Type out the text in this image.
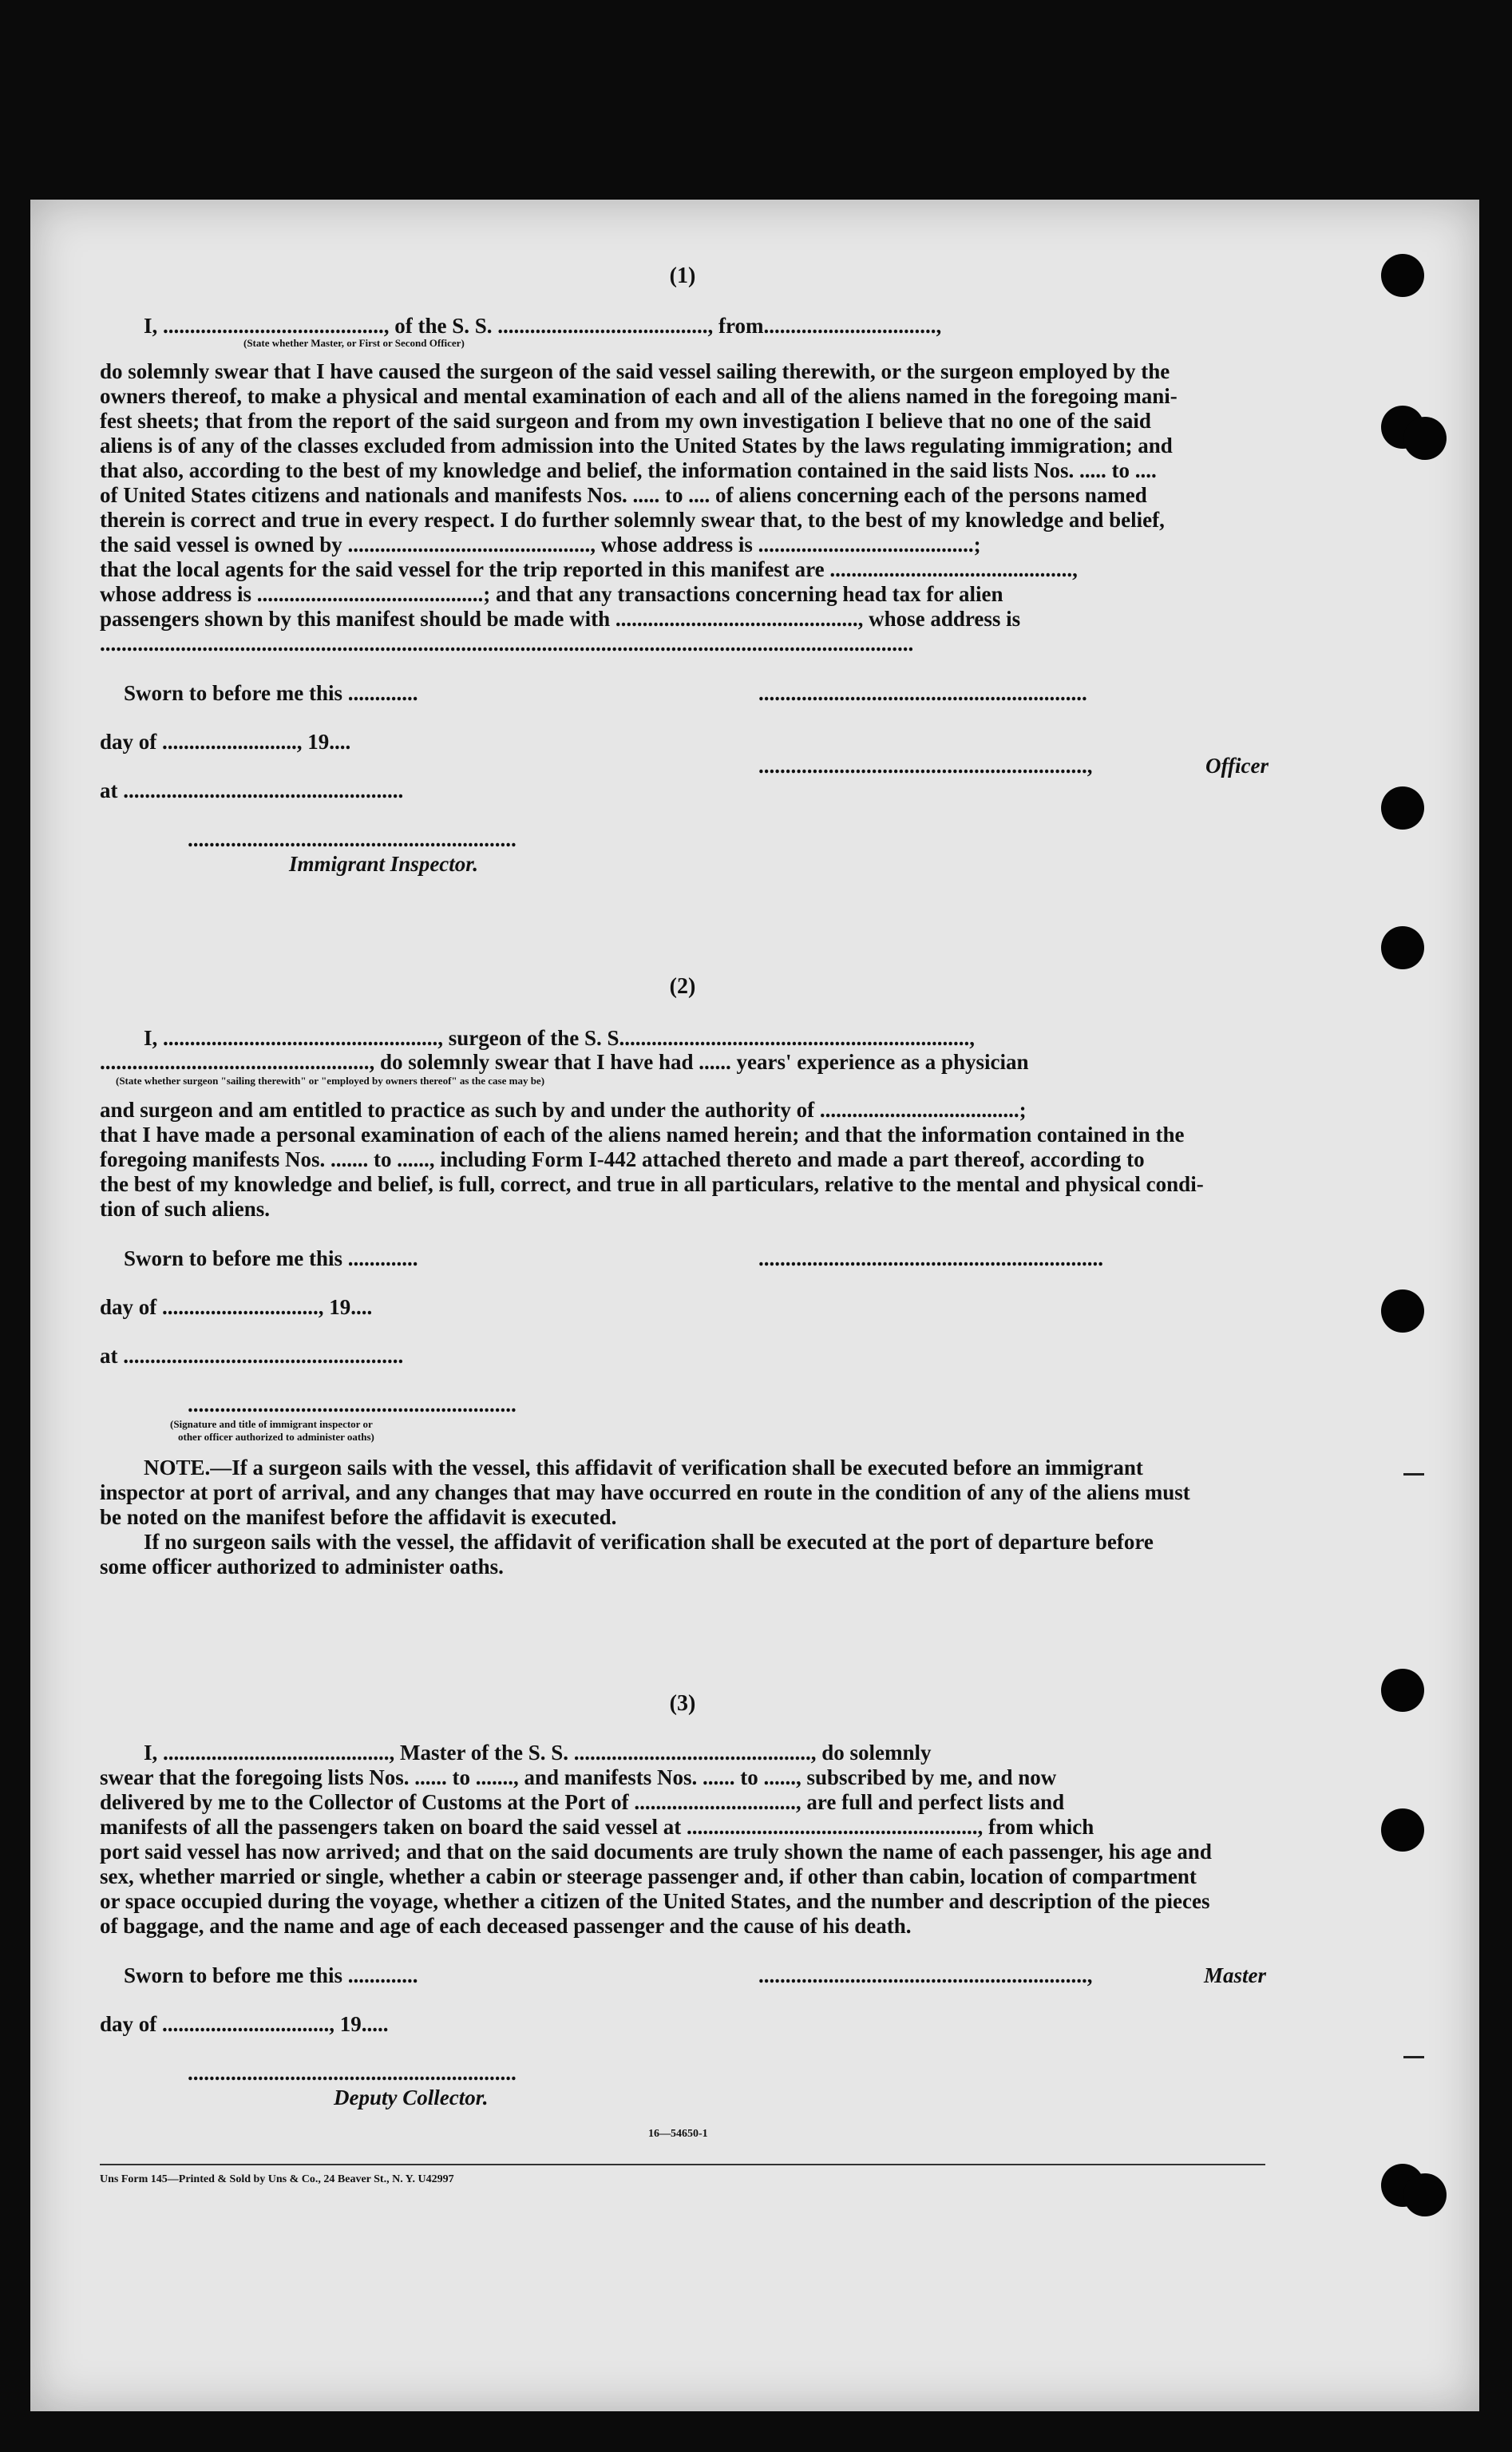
(1)
I, ........................................., of the S. S. ......................................., from................................,
(State whether Master, or First or Second Officer)
do solemnly swear that I have caused the surgeon of the said vessel sailing therewith, or the surgeon employed by the
owners thereof, to make a physical and mental examination of each and all of the aliens named in the foregoing mani-
fest sheets; that from the report of the said surgeon and from my own investigation I believe that no one of the said
aliens is of any of the classes excluded from admission into the United States by the laws regulating immigration; and
that also, according to the best of my knowledge and belief, the information contained in the said lists Nos. ..... to ....
of United States citizens and nationals and manifests Nos. ..... to .... of aliens concerning each of the persons named
therein is correct and true in every respect. I do further solemnly swear that, to the best of my knowledge and belief,
the said vessel is owned by ............................................., whose address is ........................................;
that the local agents for the said vessel for the trip reported in this manifest are .............................................,
whose address is ..........................................; and that any transactions concerning head tax for alien
passengers shown by this manifest should be made with ............................................., whose address is
.......................................................................................................................................................
Sworn to before me this .............
day of ........................., 19....
at ....................................................
.............................................................
Immigrant Inspector.
.............................................................
.............................................................,	Officer
(2)
I, ..................................................., surgeon of the S. S.................................................................,
.................................................., do solemnly swear that I have had ...... years' experience as a physician
(State whether surgeon "sailing therewith" or "employed by owners thereof" as the case may be)
and surgeon and am entitled to practice as such by and under the authority of .....................................;
that I have made a personal examination of each of the aliens named herein; and that the information contained in the
foregoing manifests Nos. ....... to ......, including Form I-442 attached thereto and made a part thereof, according to
the best of my knowledge and belief, is full, correct, and true in all particulars, relative to the mental and physical condi-
tion of such aliens.
Sworn to before me this .............	................................................................
day of ............................., 19....
at ....................................................
.............................................................
(Signature and title of immigrant inspector or
other officer authorized to administer oaths)
NOTE.—If a surgeon sails with the vessel, this affidavit of verification shall be executed before an immigrant
inspector at port of arrival, and any changes that may have occurred en route in the condition of any of the aliens must
be noted on the manifest before the affidavit is executed.
If no surgeon sails with the vessel, the affidavit of verification shall be executed at the port of departure before
some officer authorized to administer oaths.
(3)
I, .........................................., Master of the S. S. ............................................, do solemnly
swear that the foregoing lists Nos. ...... to ......., and manifests Nos. ...... to ......, subscribed by me, and now
delivered by me to the Collector of Customs at the Port of .............................., are full and perfect lists and
manifests of all the passengers taken on board the said vessel at ......................................................, from which
port said vessel has now arrived; and that on the said documents are truly shown the name of each passenger, his age and
sex, whether married or single, whether a cabin or steerage passenger and, if other than cabin, location of compartment
or space occupied during the voyage, whether a citizen of the United States, and the number and description of the pieces
of baggage, and the name and age of each deceased passenger and the cause of his death.
Sworn to before me this .............	.............................................................,	Master
day of ..............................., 19.....
.............................................................
Deputy Collector.
16—54650-1
Uns Form 145—Printed & Sold by Uns & Co., 24 Beaver St., N. Y. U42997
